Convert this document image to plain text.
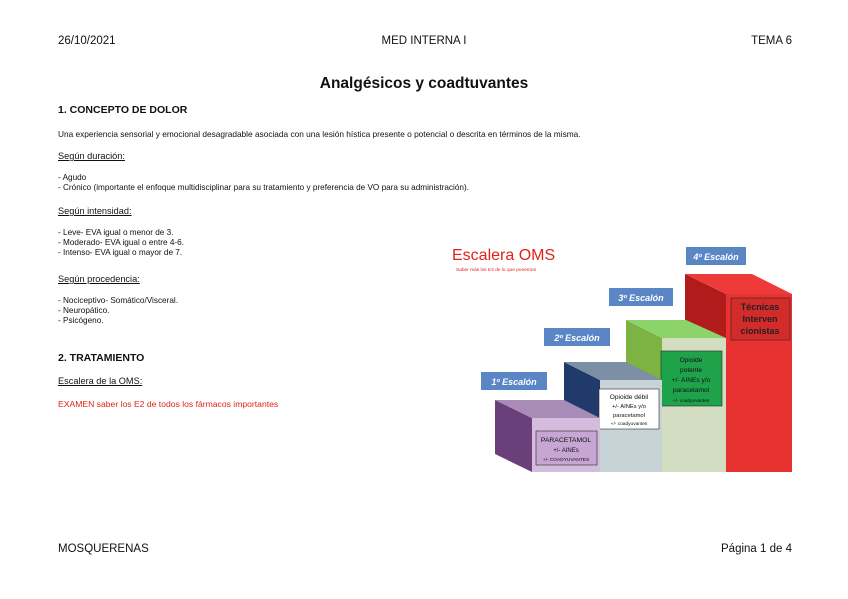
26/10/2021	MED INTERNA I	TEMA 6
Analgésicos y coadtuvantes
1. CONCEPTO DE DOLOR
Una experiencia sensorial y emocional desagradable asociada con una lesión hística presente o potencial o descrita en términos de la misma.
Según duración:
- Agudo
- Crónico (importante el enfoque multidisciplinar para su tratamiento y preferencia de VO para su administración).
Según intensidad:
- Leve- EVA igual o menor de 3.
- Moderado- EVA igual o entre 4-6.
- Intenso- EVA igual o mayor de 7.
Según procedencia:
- Nociceptivo- Somático/Visceral.
- Neuropático.
- Psicógeno.
2. TRATAMIENTO
Escalera de la OMS:
EXAMEN saber los E2 de todos los fármacos importantes
Escalera OMS
Saber más los E2 de lo que ponemos
4º Escalón
Técnicas
Interven
cionistas
3º Escalón
Opioide
potente
+/- AINEs y/o
paracetamol
+/- coadyuvantes
2º Escalón
Opioide débil
+/- AINEs y/o
paracetamol
+/- coadyuvantes
1º Escalón
PARACETAMOL
+/- AINEs
+/- COADYUVANTES
MOSQUERENAS	Página 1 de 4
